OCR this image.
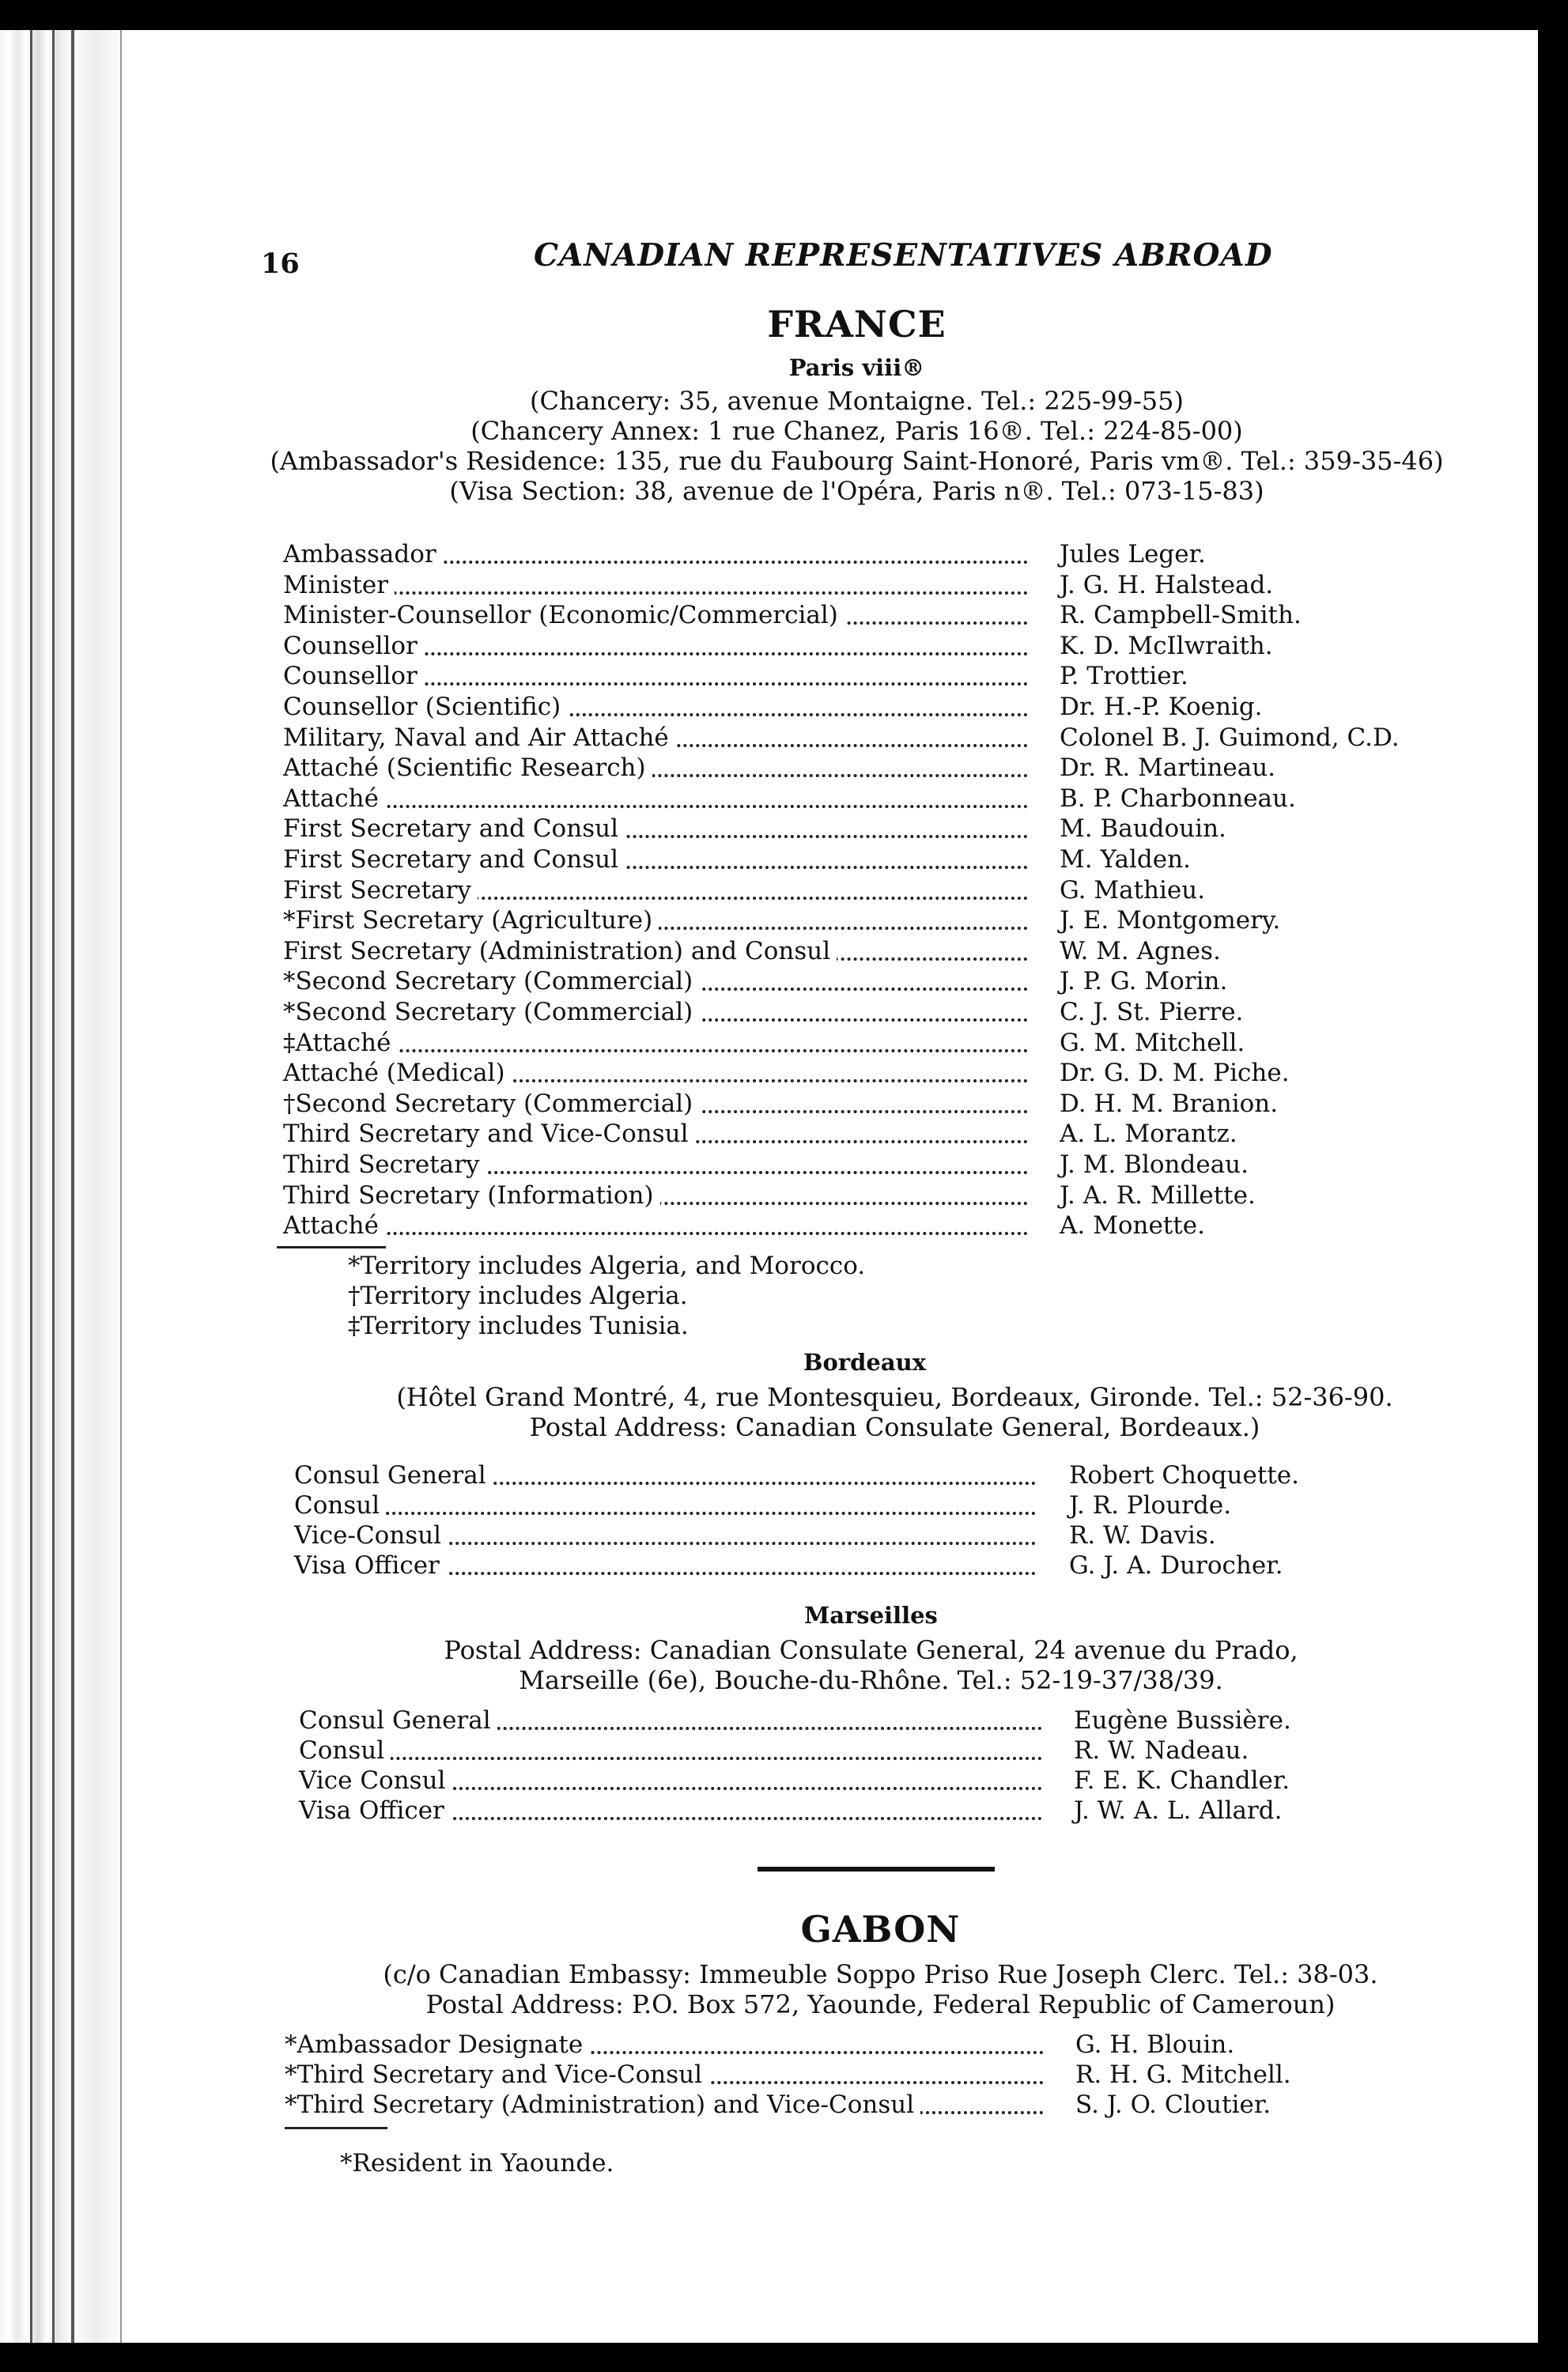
16	CANADIAN REPRESENTATIVES ABROAD
FRANCE
Paris viii®
(Chancery: 35, avenue Montaigne. Tel.: 225-99-55)
(Chancery Annex: 1 rue Chanez, Paris 16®. Tel.: 224-85-00)
(Ambassador's Residence: 135, rue du Faubourg Saint-Honoré, Paris vm®. Tel.: 359-35-46)
(Visa Section: 38, avenue de l'Opéra, Paris n®. Tel.: 073-15-83)
Ambassador	Jules Leger.
Minister	J. G. H. Halstead.
Minister-Counsellor (Economic/Commercial)	R. Campbell-Smith.
Counsellor	K. D. McIlwraith.
Counsellor	P. Trottier.
Counsellor (Scientific)	Dr. H.-P. Koenig.
Military, Naval and Air Attaché	Colonel B. J. Guimond, C.D.
Attaché (Scientific Research)	Dr. R. Martineau.
Attaché	B. P. Charbonneau.
First Secretary and Consul	M. Baudouin.
First Secretary and Consul	M. Yalden.
First Secretary	G. Mathieu.
*First Secretary (Agriculture)	J. E. Montgomery.
First Secretary (Administration) and Consul	W. M. Agnes.
*Second Secretary (Commercial)	J. P. G. Morin.
*Second Secretary (Commercial)	C. J. St. Pierre.
‡Attaché	G. M. Mitchell.
Attaché (Medical)	Dr. G. D. M. Piche.
†Second Secretary (Commercial)	D. H. M. Branion.
Third Secretary and Vice-Consul	A. L. Morantz.
Third Secretary	J. M. Blondeau.
Third Secretary (Information)	J. A. R. Millette.
Attaché	A. Monette.
*Territory includes Algeria, and Morocco.
†Territory includes Algeria.
‡Territory includes Tunisia.
Bordeaux
(Hôtel Grand Montré, 4, rue Montesquieu, Bordeaux, Gironde. Tel.: 52-36-90.
Postal Address: Canadian Consulate General, Bordeaux.)
Consul General	Robert Choquette.
Consul	J. R. Plourde.
Vice-Consul	R. W. Davis.
Visa Officer	G. J. A. Durocher.
Marseilles
Postal Address: Canadian Consulate General, 24 avenue du Prado,
Marseille (6e), Bouche-du-Rhône. Tel.: 52-19-37/38/39.
Consul General	Eugène Bussière.
Consul	R. W. Nadeau.
Vice Consul	F. E. K. Chandler.
Visa Officer	J. W. A. L. Allard.
GABON
(c/o Canadian Embassy: Immeuble Soppo Priso Rue Joseph Clerc. Tel.: 38-03.
Postal Address: P.O. Box 572, Yaounde, Federal Republic of Cameroun)
*Ambassador Designate	G. H. Blouin.
*Third Secretary and Vice-Consul	R. H. G. Mitchell.
*Third Secretary (Administration) and Vice-Consul	S. J. O. Cloutier.
*Resident in Yaounde.
